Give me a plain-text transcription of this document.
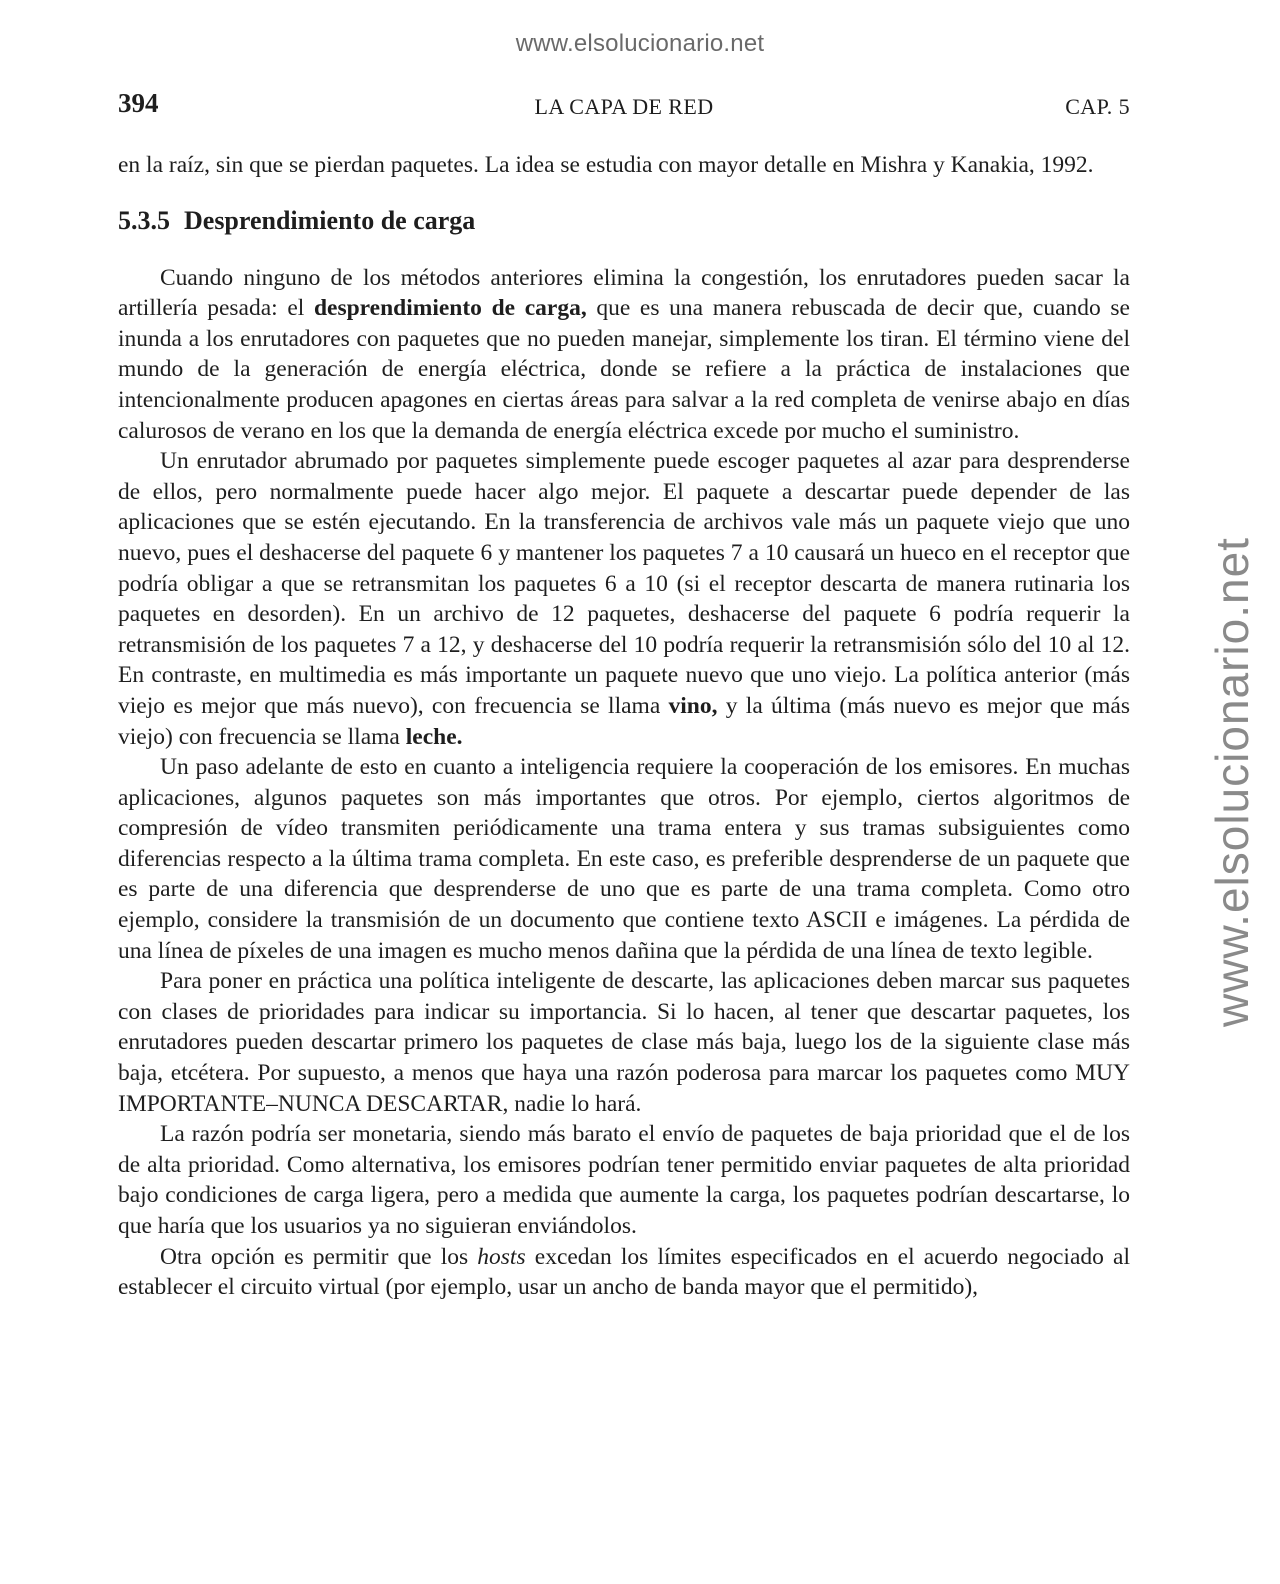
www.elsolucionario.net
www.elsolucionario.net
394	LA CAPA DE RED	CAP. 5

en la raíz, sin que se pierdan paquetes. La idea se estudia con mayor detalle en Mishra y Kanakia, 1992.

5.3.5 Desprendimiento de carga

Cuando ninguno de los métodos anteriores elimina la congestión, los enrutadores pueden sacar la artillería pesada: el desprendimiento de carga, que es una manera rebuscada de decir que, cuando se inunda a los enrutadores con paquetes que no pueden manejar, simplemente los tiran. El término viene del mundo de la generación de energía eléctrica, donde se refiere a la práctica de instalaciones que intencionalmente producen apagones en ciertas áreas para salvar a la red completa de venirse abajo en días calurosos de verano en los que la demanda de energía eléctrica excede por mucho el suministro.

Un enrutador abrumado por paquetes simplemente puede escoger paquetes al azar para desprenderse de ellos, pero normalmente puede hacer algo mejor. El paquete a descartar puede depender de las aplicaciones que se estén ejecutando. En la transferencia de archivos vale más un paquete viejo que uno nuevo, pues el deshacerse del paquete 6 y mantener los paquetes 7 a 10 causará un hueco en el receptor que podría obligar a que se retransmitan los paquetes 6 a 10 (si el receptor descarta de manera rutinaria los paquetes en desorden). En un archivo de 12 paquetes, deshacerse del paquete 6 podría requerir la retransmisión de los paquetes 7 a 12, y deshacerse del 10 podría requerir la retransmisión sólo del 10 al 12. En contraste, en multimedia es más importante un paquete nuevo que uno viejo. La política anterior (más viejo es mejor que más nuevo), con frecuencia se llama vino, y la última (más nuevo es mejor que más viejo) con frecuencia se llama leche.

Un paso adelante de esto en cuanto a inteligencia requiere la cooperación de los emisores. En muchas aplicaciones, algunos paquetes son más importantes que otros. Por ejemplo, ciertos algoritmos de compresión de vídeo transmiten periódicamente una trama entera y sus tramas subsiguientes como diferencias respecto a la última trama completa. En este caso, es preferible desprenderse de un paquete que es parte de una diferencia que desprenderse de uno que es parte de una trama completa. Como otro ejemplo, considere la transmisión de un documento que contiene texto ASCII e imágenes. La pérdida de una línea de píxeles de una imagen es mucho menos dañina que la pérdida de una línea de texto legible.

Para poner en práctica una política inteligente de descarte, las aplicaciones deben marcar sus paquetes con clases de prioridades para indicar su importancia. Si lo hacen, al tener que descartar paquetes, los enrutadores pueden descartar primero los paquetes de clase más baja, luego los de la siguiente clase más baja, etcétera. Por supuesto, a menos que haya una razón poderosa para marcar los paquetes como MUY IMPORTANTE–NUNCA DESCARTAR, nadie lo hará.

La razón podría ser monetaria, siendo más barato el envío de paquetes de baja prioridad que el de los de alta prioridad. Como alternativa, los emisores podrían tener permitido enviar paquetes de alta prioridad bajo condiciones de carga ligera, pero a medida que aumente la carga, los paquetes podrían descartarse, lo que haría que los usuarios ya no siguieran enviándolos.

Otra opción es permitir que los hosts excedan los límites especificados en el acuerdo negociado al establecer el circuito virtual (por ejemplo, usar un ancho de banda mayor que el permitido),
